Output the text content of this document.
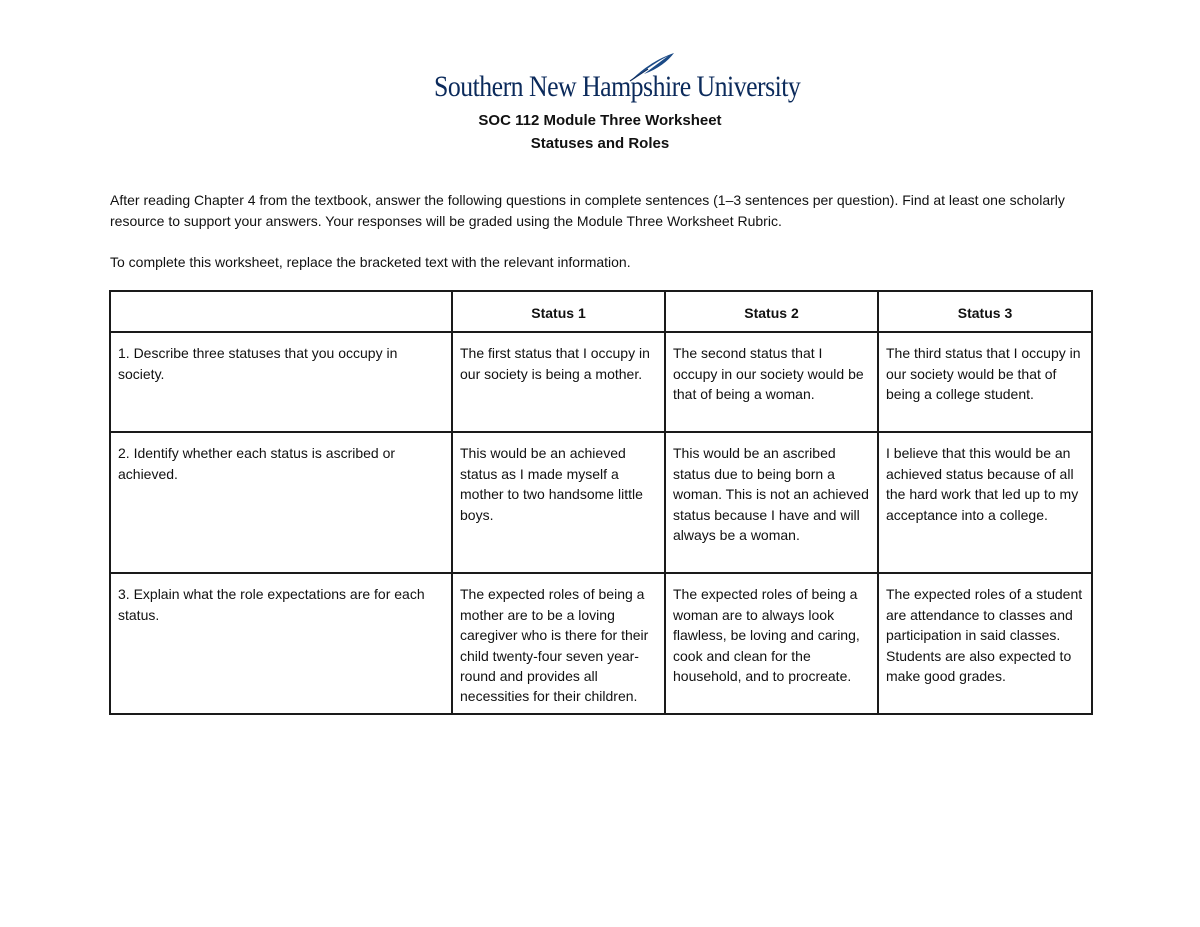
Southern New Hampshire University
SOC 112 Module Three Worksheet
Statuses and Roles
After reading Chapter 4 from the textbook, answer the following questions in complete sentences (1–3 sentences per question). Find at least one scholarly resource to support your answers. Your responses will be graded using the Module Three Worksheet Rubric.
To complete this worksheet, replace the bracketed text with the relevant information.
	Status 1	Status 2	Status 3
1. Describe three statuses that you occupy in society.	The first status that I occupy in our society is being a mother.	The second status that I occupy in our society would be that of being a woman.	The third status that I occupy in our society would be that of being a college student.
2. Identify whether each status is ascribed or achieved.	This would be an achieved status as I made myself a mother to two handsome little boys.	This would be an ascribed status due to being born a woman. This is not an achieved status because I have and will always be a woman.	I believe that this would be an achieved status because of all the hard work that led up to my acceptance into a college.
3. Explain what the role expectations are for each status.	The expected roles of being a mother are to be a loving caregiver who is there for their child twenty-four seven year-round and provides all necessities for their children.	The expected roles of being a woman are to always look flawless, be loving and caring, cook and clean for the household, and to procreate.	The expected roles of a student are attendance to classes and participation in said classes. Students are also expected to make good grades.
